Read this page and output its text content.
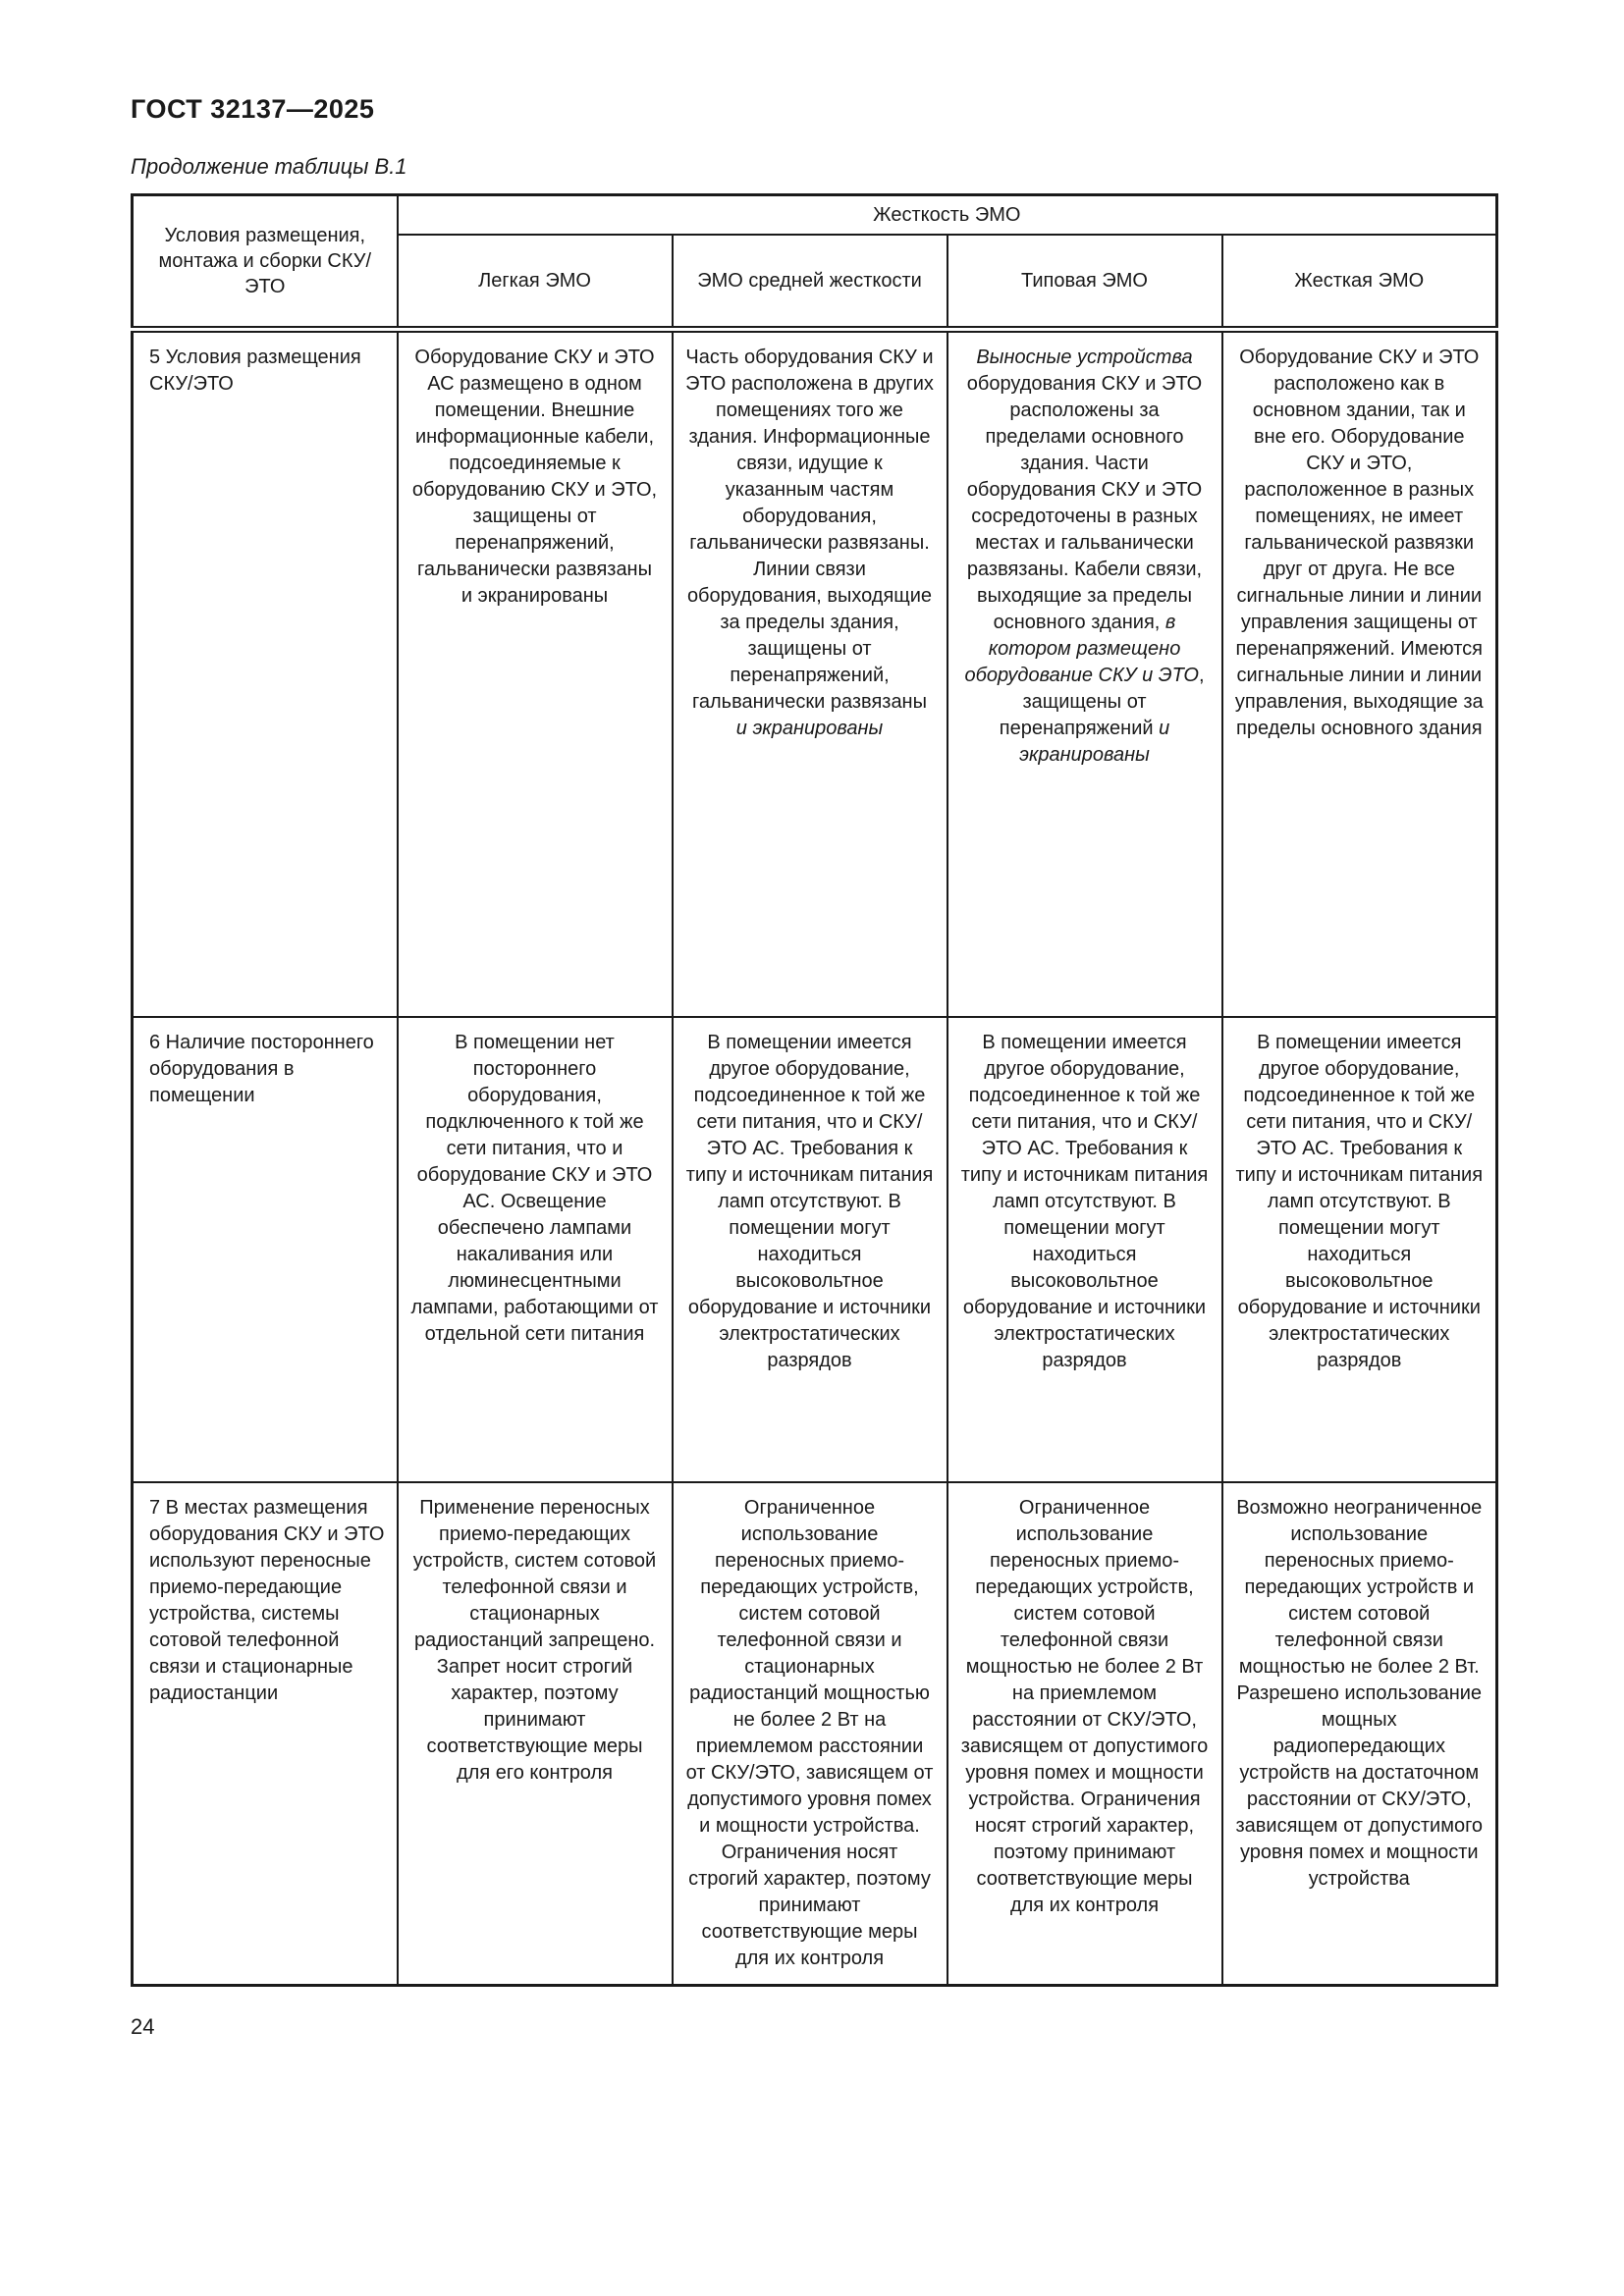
ГОСТ 32137—2025
Продолжение таблицы В.1
Условия размещения, монтажа и сборки СКУ/ЭТО	Жесткость ЭМО			
	Легкая ЭМО	ЭМО средней жесткости	Типовая ЭМО	Жесткая ЭМО
5 Условия размещения СКУ/ЭТО	Оборудование СКУ и ЭТО АС размещено в одном помещении. Внешние информационные кабели, подсоединяемые к оборудованию СКУ и ЭТО, защищены от перенапряжений, гальванически развязаны и экранированы	Часть оборудования СКУ и ЭТО расположена в других помещениях того же здания. Информационные связи, идущие к указанным частям оборудования, гальванически развязаны. Линии связи оборудования, выходящие за пределы здания, защищены от перенапряжений, гальванически развязаны и экранированы	Выносные устройства оборудования СКУ и ЭТО расположены за пределами основного здания. Части оборудования СКУ и ЭТО сосредоточены в разных местах и гальванически развязаны. Кабели связи, выходящие за пределы основного здания, в котором размещено оборудование СКУ и ЭТО, защищены от перенапряжений и экранированы	Оборудование СКУ и ЭТО расположено как в основном здании, так и вне его. Оборудование СКУ и ЭТО, расположенное в разных помещениях, не имеет гальванической развязки друг от друга. Не все сигнальные линии и линии управления защищены от перенапряжений. Имеются сигнальные линии и линии управления, выходящие за пределы основного здания
6 Наличие постороннего оборудования в помещении	В помещении нет постороннего оборудования, подключенного к той же сети питания, что и оборудование СКУ и ЭТО АС. Освещение обеспечено лампами накаливания или люминесцентными лампами, работающими от отдельной сети питания	В помещении имеется другое оборудование, подсоединенное к той же сети питания, что и СКУ/ЭТО АС. Требования к типу и источникам питания ламп отсутствуют. В помещении могут находиться высоковольтное оборудование и источники электростатических разрядов	В помещении имеется другое оборудование, подсоединенное к той же сети питания, что и СКУ/ЭТО АС. Требования к типу и источникам питания ламп отсутствуют. В помещении могут находиться высоковольтное оборудование и источники электростатических разрядов	В помещении имеется другое оборудование, подсоединенное к той же сети питания, что и СКУ/ЭТО АС. Требования к типу и источникам питания ламп отсутствуют. В помещении могут находиться высоковольтное оборудование и источники электростатических разрядов
7 В местах размещения оборудования СКУ и ЭТО используют переносные приемо-передающие устройства, системы сотовой телефонной связи и стационарные радиостанции	Применение переносных приемо-передающих устройств, систем сотовой телефонной связи и стационарных радиостанций запрещено. Запрет носит строгий характер, поэтому принимают соответствующие меры для его контроля	Ограниченное использование переносных приемо-передающих устройств, систем сотовой телефонной связи и стационарных радиостанций мощностью не более 2 Вт на приемлемом расстоянии от СКУ/ЭТО, зависящем от допустимого уровня помех и мощности устройства. Ограничения носят строгий характер, поэтому принимают соответствующие меры для их контроля	Ограниченное использование переносных приемо-передающих устройств, систем сотовой телефонной связи мощностью не более 2 Вт на приемлемом расстоянии от СКУ/ЭТО, зависящем от допустимого уровня помех и мощности устройства. Ограничения носят строгий характер, поэтому принимают соответствующие меры для их контроля	Возможно неограниченное использование переносных приемо-передающих устройств и систем сотовой телефонной связи мощностью не более 2 Вт. Разрешено использование мощных радиопередающих устройств на достаточном расстоянии от СКУ/ЭТО, зависящем от допустимого уровня помех и мощности устройства
24
